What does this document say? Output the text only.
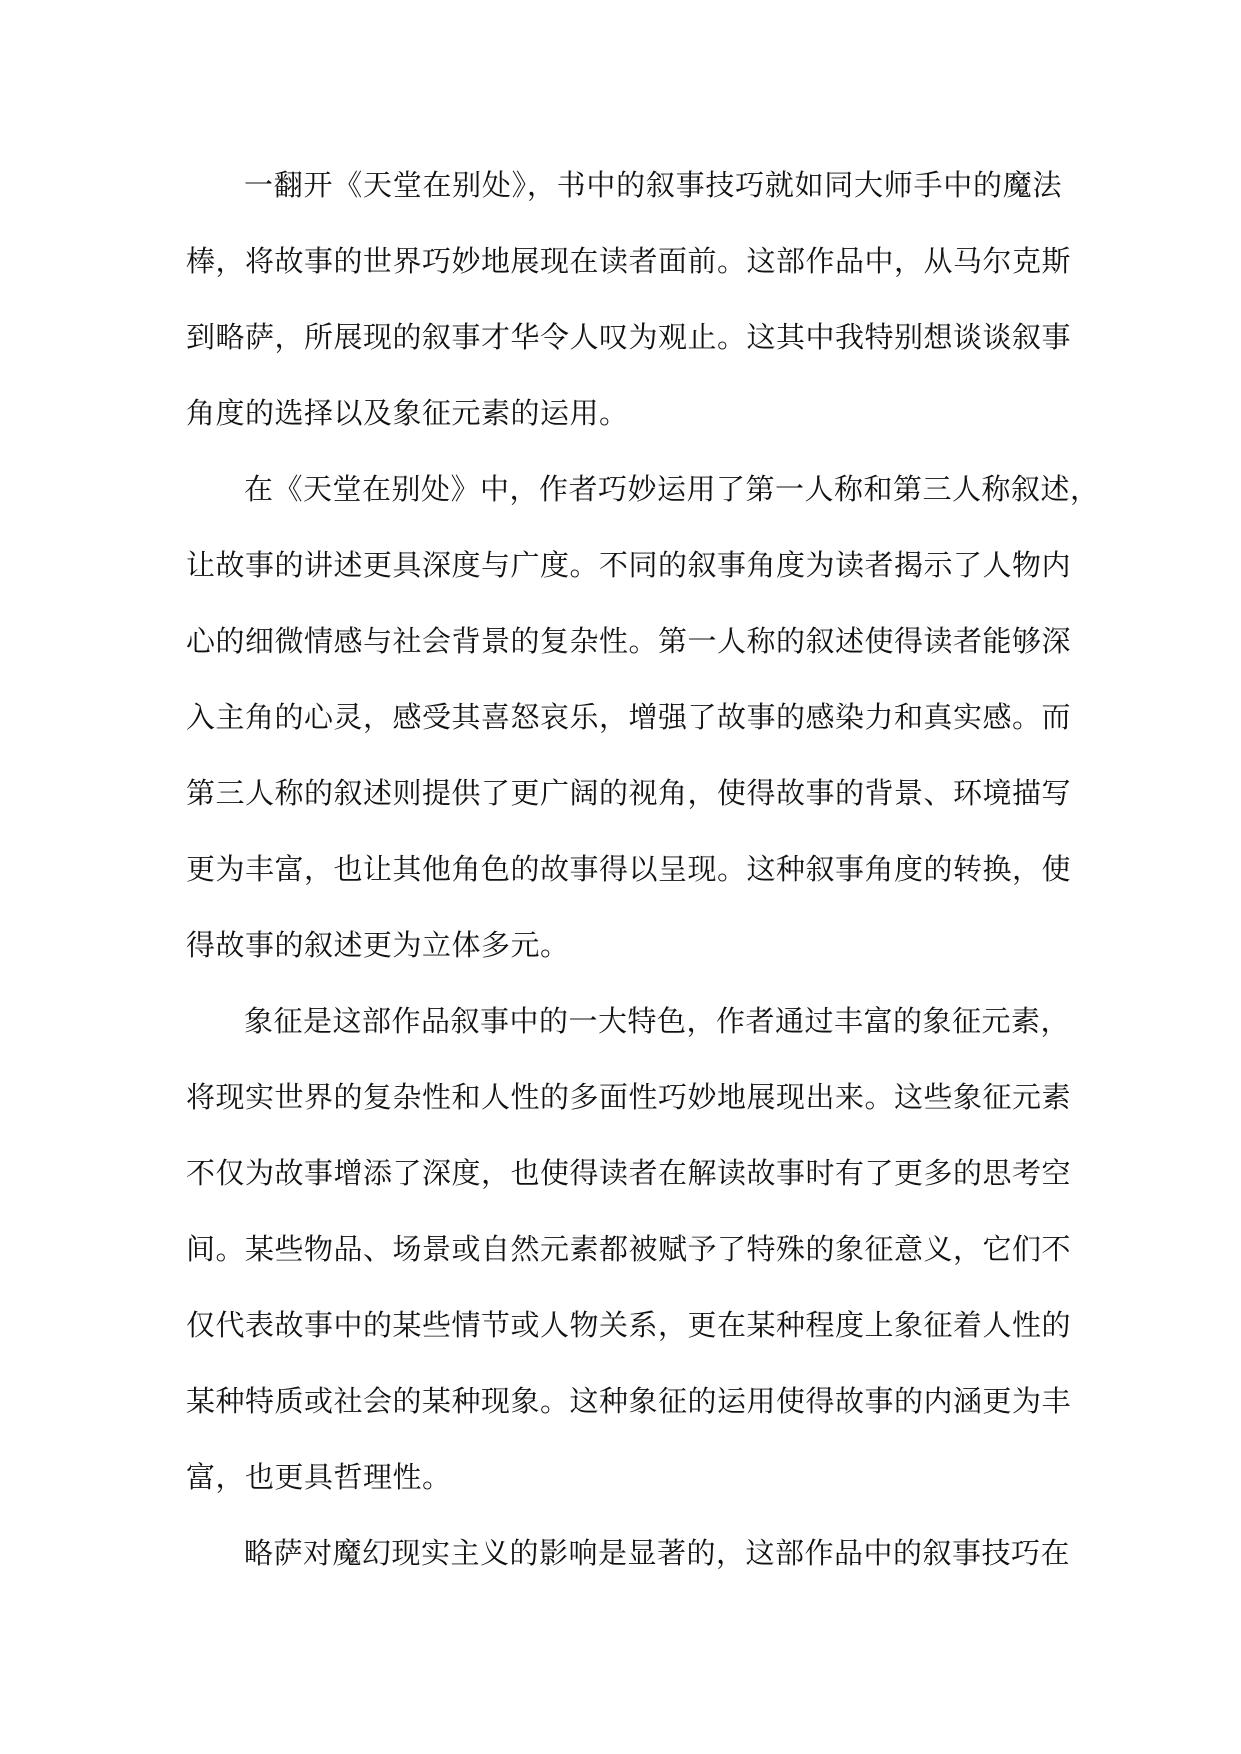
一翻开《天堂在别处》，书中的叙事技巧就如同大师手中的魔法
棒，将故事的世界巧妙地展现在读者面前。这部作品中，从马尔克斯
到略萨，所展现的叙事才华令人叹为观止。这其中我特别想谈谈叙事
角度的选择以及象征元素的运用。
在《天堂在别处》中，作者巧妙运用了第一人称和第三人称叙述，
让故事的讲述更具深度与广度。不同的叙事角度为读者揭示了人物内
心的细微情感与社会背景的复杂性。第一人称的叙述使得读者能够深
入主角的心灵，感受其喜怒哀乐，增强了故事的感染力和真实感。而
第三人称的叙述则提供了更广阔的视角，使得故事的背景、环境描写
更为丰富，也让其他角色的故事得以呈现。这种叙事角度的转换，使
得故事的叙述更为立体多元。
象征是这部作品叙事中的一大特色，作者通过丰富的象征元素，
将现实世界的复杂性和人性的多面性巧妙地展现出来。这些象征元素
不仅为故事增添了深度，也使得读者在解读故事时有了更多的思考空
间。某些物品、场景或自然元素都被赋予了特殊的象征意义，它们不
仅代表故事中的某些情节或人物关系，更在某种程度上象征着人性的
某种特质或社会的某种现象。这种象征的运用使得故事的内涵更为丰
富，也更具哲理性。
略萨对魔幻现实主义的影响是显著的，这部作品中的叙事技巧在
